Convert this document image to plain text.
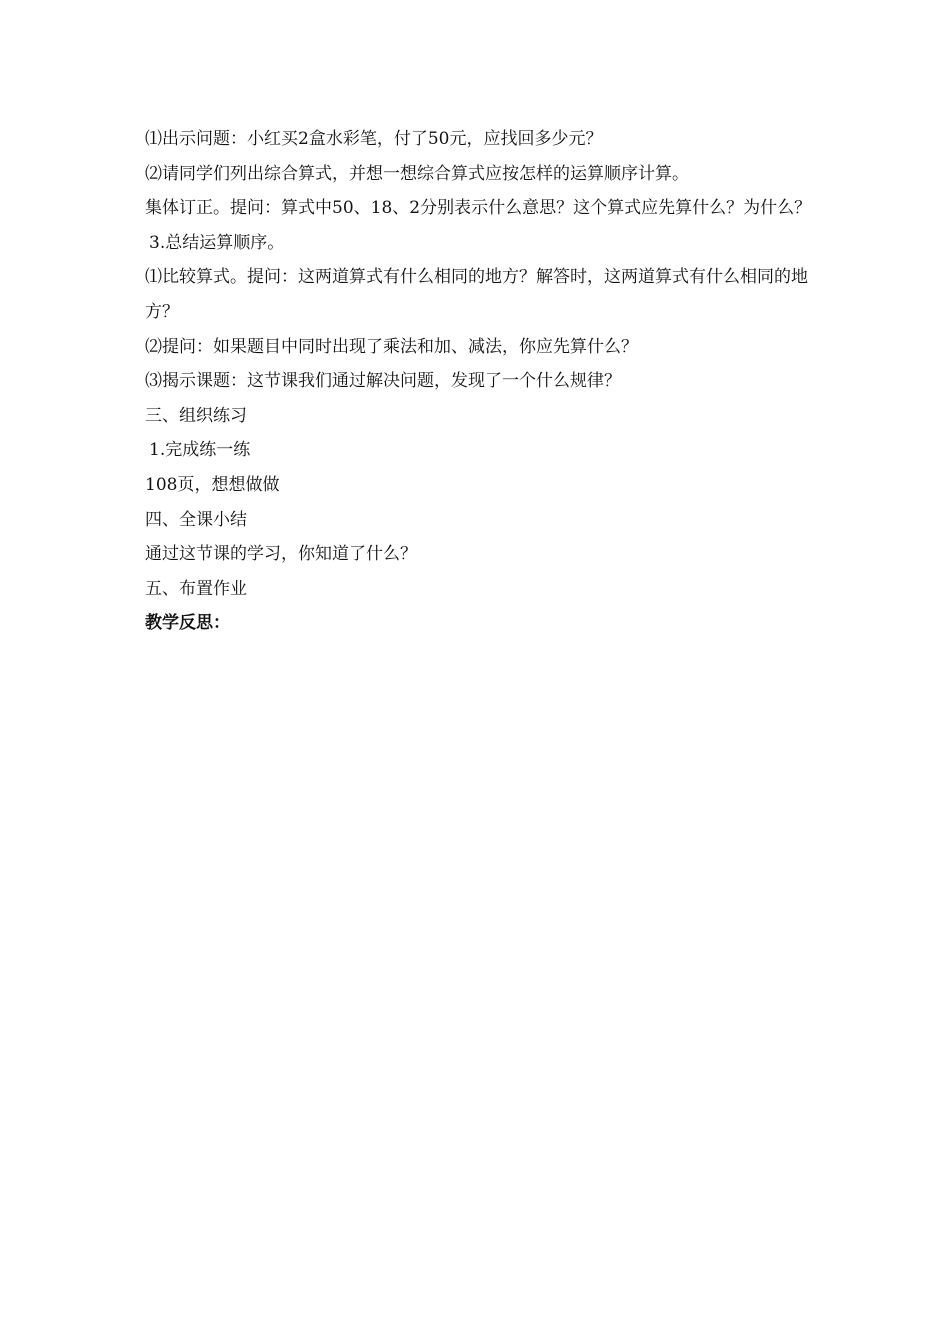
⑴出示问题：小红买2盒水彩笔，付了50元，应找回多少元？
⑵请同学们列出综合算式，并想一想综合算式应按怎样的运算顺序计算。
集体订正。提问：算式中50、18、2分别表示什么意思？这个算式应先算什么？为什么？
3.总结运算顺序。
⑴比较算式。提问：这两道算式有什么相同的地方？解答时，这两道算式有什么相同的地方？
⑵提问：如果题目中同时出现了乘法和加、减法，你应先算什么？
⑶揭示课题：这节课我们通过解决问题，发现了一个什么规律？
三、组织练习
1.完成练一练
108页，想想做做
四、全课小结
通过这节课的学习，你知道了什么？
五、布置作业
教学反思：
